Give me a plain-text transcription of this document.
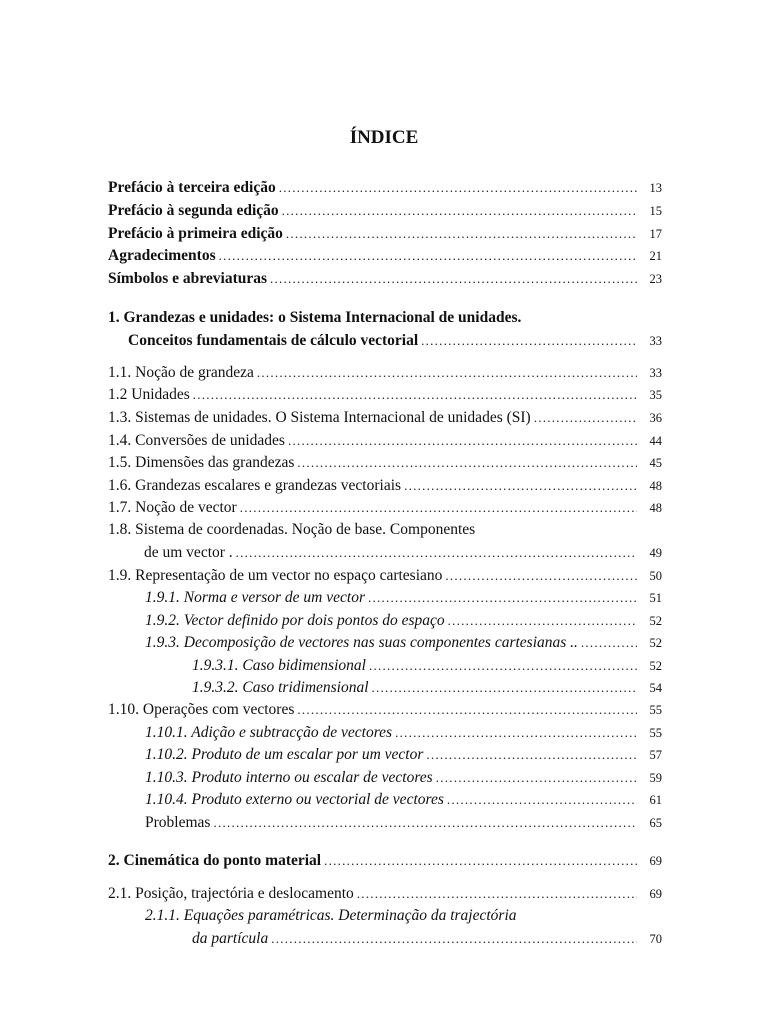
ÍNDICE
Prefácio à terceira edição . . .	13
Prefácio à segunda edição . . .	15
Prefácio à primeira edição . . .	17
Agradecimentos . . .	21
Símbolos e abreviaturas . . .	23
1. Grandezas e unidades: o Sistema Internacional de unidades.
Conceitos fundamentais de cálculo vectorial . . .	33
1.1. Noção de grandeza . . .	33
1.2 Unidades . . .	35
1.3. Sistemas de unidades. O Sistema Internacional de unidades (SI) . . .	36
1.4. Conversões de unidades . . .	44
1.5. Dimensões das grandezas . . .	45
1.6. Grandezas escalares e grandezas vectoriais . . .	48
1.7. Noção de vector . . .	48
1.8. Sistema de coordenadas. Noção de base. Componentes
de um vector . . . .	49
1.9. Representação de um vector no espaço cartesiano . . .	50
1.9.1. Norma e versor de um vector . . .	51
1.9.2. Vector definido por dois pontos do espaço . . .	52
1.9.3. Decomposição de vectores nas suas componentes cartesianas .. . . .	52
1.9.3.1. Caso bidimensional . . .	52
1.9.3.2. Caso tridimensional . . .	54
1.10. Operações com vectores . . .	55
1.10.1. Adição e subtracção de vectores . . .	55
1.10.2. Produto de um escalar por um vector . . .	57
1.10.3. Produto interno ou escalar de vectores . . .	59
1.10.4. Produto externo ou vectorial de vectores . . .	61
Problemas . . .	65
2. Cinemática do ponto material . . .	69
2.1. Posição, trajectória e deslocamento . . .	69
2.1.1. Equações paramétricas. Determinação da trajectória
da partícula . . .	70
